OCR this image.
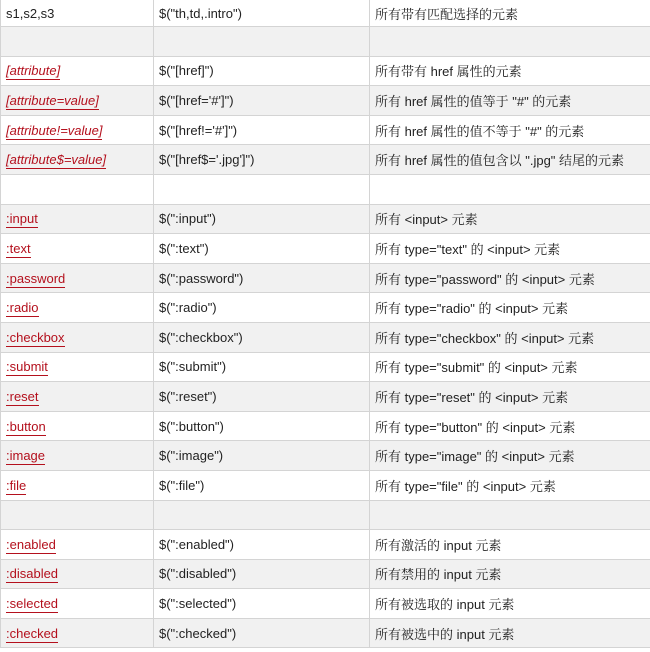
s1,s2,s3	$("th,td,.intro")	所有带有匹配选择的元素

[attribute]	$("[href]")	所有带有 href 属性的元素
[attribute=value]	$("[href='#']")	所有 href 属性的值等于 "#" 的元素
[attribute!=value]	$("[href!='#']")	所有 href 属性的值不等于 "#" 的元素
[attribute$=value]	$("[href$='.jpg']")	所有 href 属性的值包含以 ".jpg" 结尾的元素

:input	$(":input")	所有 <input> 元素
:text	$(":text")	所有 type="text" 的 <input> 元素
:password	$(":password")	所有 type="password" 的 <input> 元素
:radio	$(":radio")	所有 type="radio" 的 <input> 元素
:checkbox	$(":checkbox")	所有 type="checkbox" 的 <input> 元素
:submit	$(":submit")	所有 type="submit" 的 <input> 元素
:reset	$(":reset")	所有 type="reset" 的 <input> 元素
:button	$(":button")	所有 type="button" 的 <input> 元素
:image	$(":image")	所有 type="image" 的 <input> 元素
:file	$(":file")	所有 type="file" 的 <input> 元素

:enabled	$(":enabled")	所有激活的 input 元素
:disabled	$(":disabled")	所有禁用的 input 元素
:selected	$(":selected")	所有被选取的 input 元素
:checked	$(":checked")	所有被选中的 input 元素
